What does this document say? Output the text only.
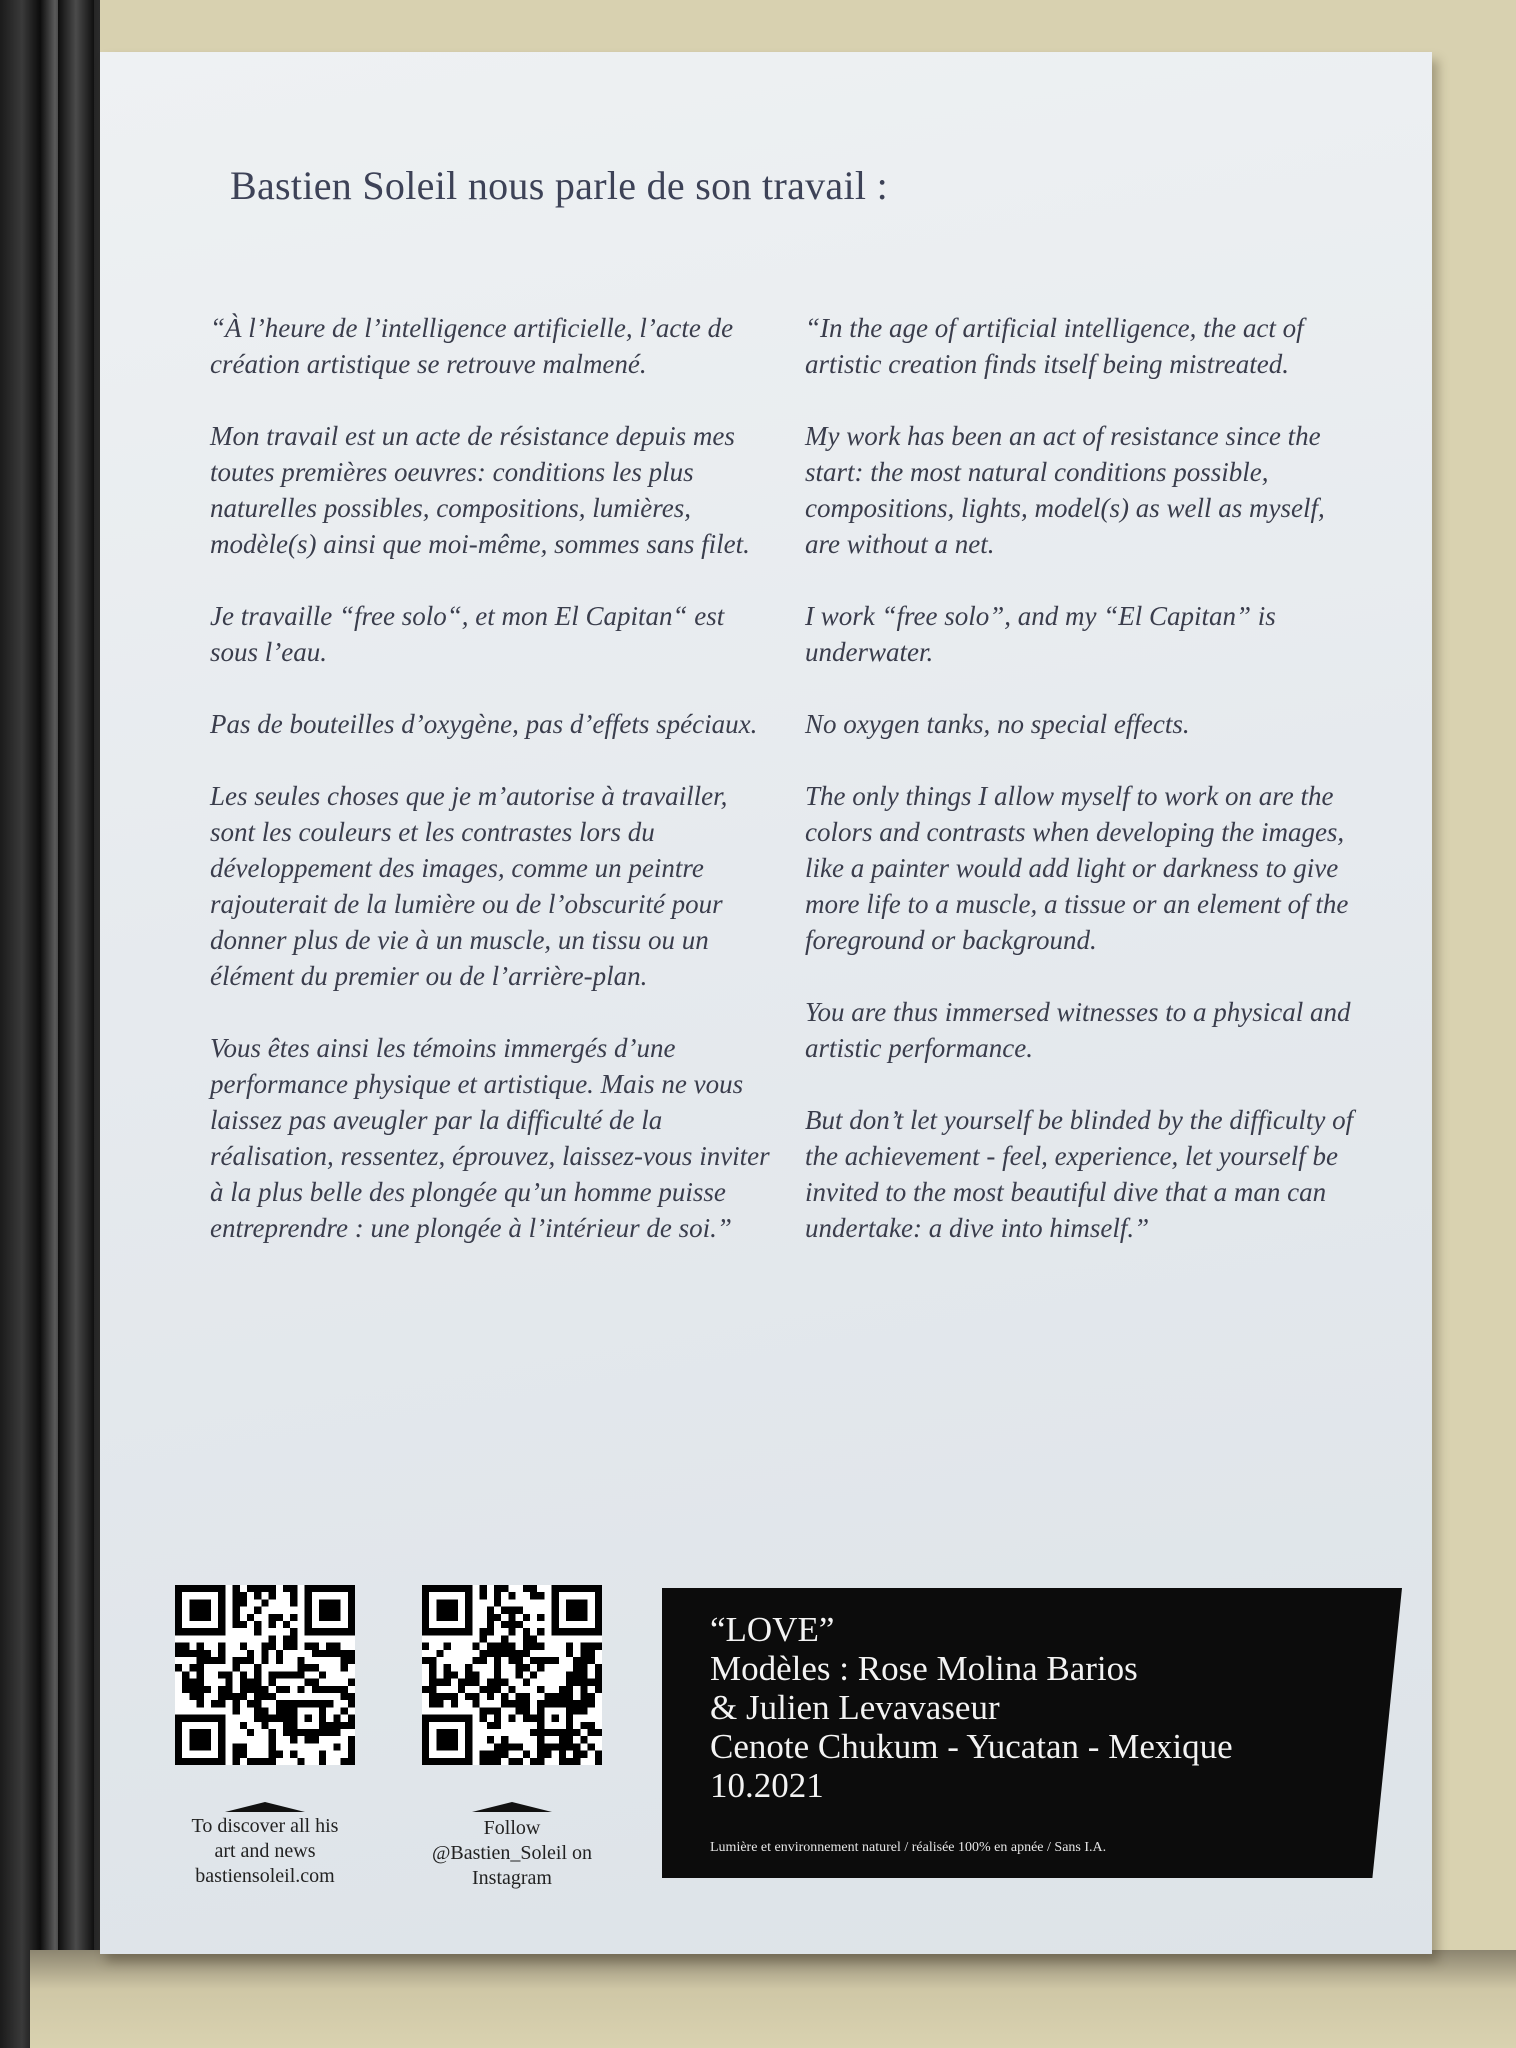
Bastien Soleil nous parle de son travail :

“À l’heure de l’intelligence artificielle, l’acte de création artistique se retrouve malmené.

Mon travail est un acte de résistance depuis mes toutes premières oeuvres: conditions les plus naturelles possibles, compositions, lumières, modèle(s) ainsi que moi-même, sommes sans filet.

Je travaille “free solo“, et mon El Capitan“ est sous l’eau.

Pas de bouteilles d’oxygène, pas d’effets spéciaux.

Les seules choses que je m’autorise à travailler, sont les couleurs et les contrastes lors du développement des images, comme un peintre rajouterait de la lumière ou de l’obscurité pour donner plus de vie à un muscle, un tissu ou un élément du premier ou de l’arrière-plan.

Vous êtes ainsi les témoins immergés d’une performance physique et artistique. Mais ne vous laissez pas aveugler par la difficulté de la réalisation, ressentez, éprouvez, laissez-vous inviter à la plus belle des plongée qu’un homme puisse entreprendre : une plongée à l’intérieur de soi.”

“In the age of artificial intelligence, the act of artistic creation finds itself being mistreated.

My work has been an act of resistance since the start: the most natural conditions possible, compositions, lights, model(s) as well as myself, are without a net.

I work “free solo”, and my “El Capitan” is underwater.

No oxygen tanks, no special effects.

The only things I allow myself to work on are the colors and contrasts when developing the images, like a painter would add light or darkness to give more life to a muscle, a tissue or an element of the foreground or background.

You are thus immersed witnesses to a physical and artistic performance.

But don’t let yourself be blinded by the difficulty of the achievement - feel, experience, let yourself be invited to the most beautiful dive that a man can undertake: a dive into himself.”

To discover all his
art and news
bastiensoleil.com
Follow
@Bastien_Soleil on
Instagram
“LOVE”
Modèles : Rose Molina Barios
& Julien Levavaseur
Cenote Chukum - Yucatan - Mexique
10.2021
Lumière et environnement naturel / réalisée 100% en apnée / Sans I.A.
